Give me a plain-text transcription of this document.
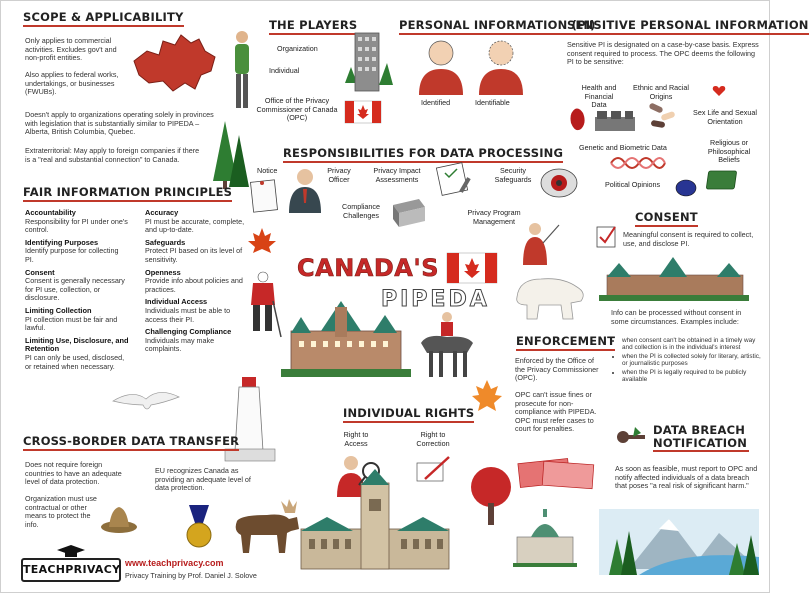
SCOPE & APPLICABILITY
Only applies to commercial activities. Excludes gov't and non-profit entities.
Also applies to federal works, undertakings, or businesses (FWUBs).
Doesn't apply to organizations operating solely in provinces with legislation that is substantially similar to PIPEDA – Alberta, British Columbia, Quebec.
Extraterritorial: May apply to foreign companies if there is a "real and substantial connection" to Canada.
THE PLAYERS
Organization
Individual
Office of the Privacy Commissioner of Canada (OPC)
PERSONAL INFORMATION (PI)
Identified	Identifiable
SENSITIVE PERSONAL INFORMATION
Sensitive PI is designated on a case-by-case basis. Express consent required to process. The OPC deems the following PI to be sensitive:
Health and Financial Data
Ethnic and Racial Origins
Sex Life and Sexual Orientation
Genetic and Biometric Data
Religious or Philosophical Beliefs
Political Opinions
RESPONSIBILITIES FOR DATA PROCESSING
Notice	Privacy Officer
Privacy Impact Assessments
Security Safeguards
Compliance Challenges	Privacy Program Management
FAIR INFORMATION PRINCIPLES
Accountability
Responsibility for PI under one's control.
Identifying Purposes
Identify purpose for collecting PI.
Consent
Consent is generally necessary for PI use, collection, or disclosure.
Limiting Collection
PI collection must be fair and lawful.
Limiting Use, Disclosure, and Retention
PI can only be used, disclosed, or retained when necessary.
Accuracy
PI must be accurate, complete, and up-to-date.
Safeguards
Protect PI based on its level of sensitivity.
Openness
Provide info about policies and practices.
Individual Access
Individuals must be able to access their PI.
Challenging Compliance
Individuals may make complaints.
CANADA'S
PIPEDA
CONSENT
Meaningful consent is required to collect, use, and disclose PI.
Info can be processed without consent in some circumstances. Examples include:
• when consent can't be obtained in a timely way and collection is in the individual's interest
• when the PI is collected solely for literary, artistic, or journalistic purposes
• when the PI is legally required to be publicly available
ENFORCEMENT
Enforced by the Office of the Privacy Commissioner (OPC).
OPC can't issue fines or prosecute for non-compliance with PIPEDA. OPC must refer cases to court for penalties.
INDIVIDUAL RIGHTS
Right to Access
Right to Correction
CROSS-BORDER DATA TRANSFER
Does not require foreign countries to have an adequate level of data protection.
Organization must use contractual or other means to protect the info.
EU recognizes Canada as providing an adequate level of data protection.
DATA BREACH NOTIFICATION
As soon as feasible, must report to OPC and notify affected individuals of a data breach that poses "a real risk of significant harm."
TEACHPRIVACY www.teachprivacy.com
Privacy Training by Prof. Daniel J. Solove
